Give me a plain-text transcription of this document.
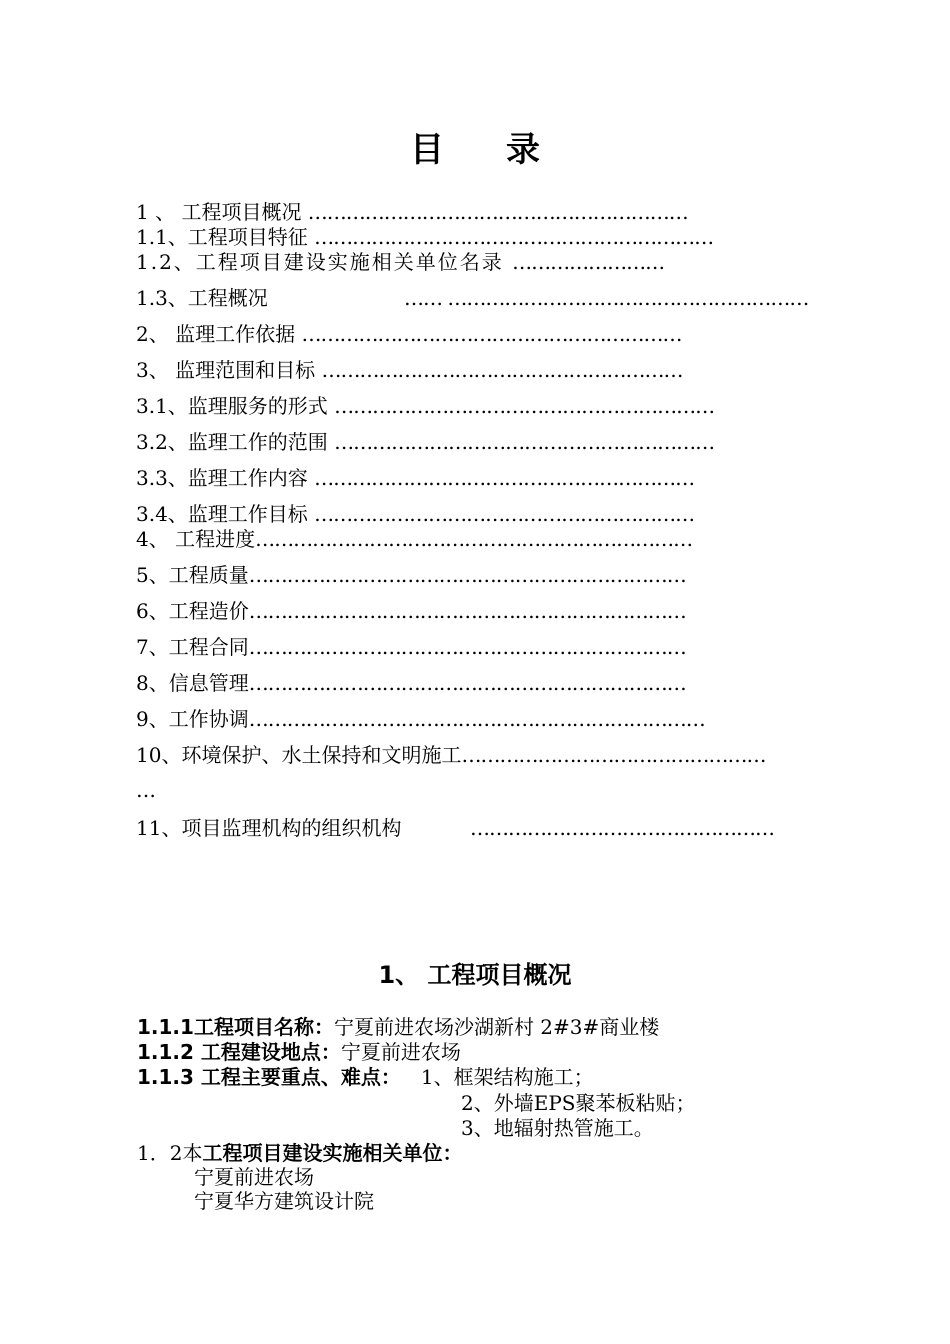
目录
1 、 工程项目概况 ……………………………………………………
1.1、工程项目特征 ………………………………………………………
1.2、工程项目建设实施相关单位名录 ……………………
1.3、工程概况	…… …………………………………………………
2、 监理工作依据 ……………………………………………………
3、 监理范围和目标 …………………………………………………
3.1、监理服务的形式 ……………………………………………………
3.2、监理工作的范围 ……………………………………………………
3.3、监理工作内容 ……………………………………………………
3.4、监理工作目标 ……………………………………………………
4、 工程进度……………………………………………………………
5、工程质量……………………………………………………………
6、工程造价……………………………………………………………
7、工程合同……………………………………………………………
8、信息管理……………………………………………………………
9、工作协调………………………………………………………………
10、环境保护、水土保持和文明施工…………………………………………
…
11、项目监理机构的组织机构	…………………………………………
1、 工程项目概况
1.1.1工程项目名称：宁夏前进农场沙湖新村 2#3#商业楼
1.1.2 工程建设地点：宁夏前进农场
1.1.3 工程主要重点、难点： 1、框架结构施工；
2、外墙EPS聚苯板粘贴；
3、地辐射热管施工。
1．2本工程项目建设实施相关单位：
宁夏前进农场
宁夏华方建筑设计院
